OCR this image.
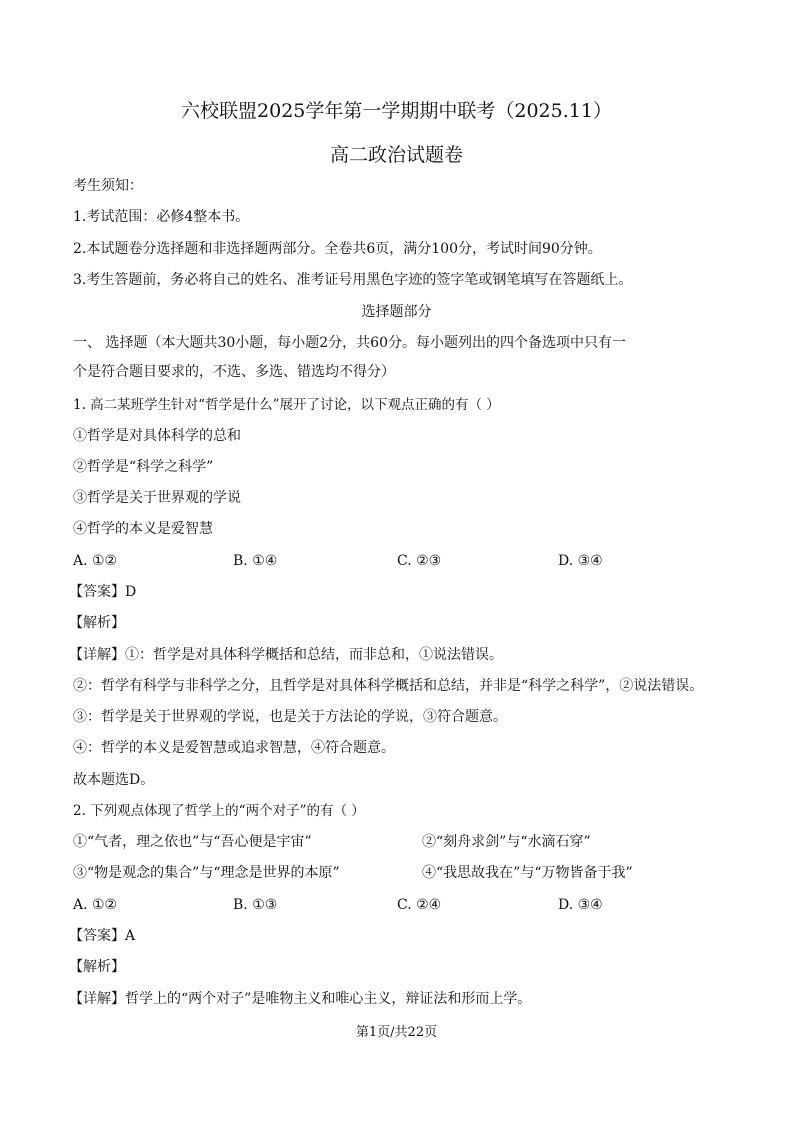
六校联盟2025学年第一学期期中联考（2025.11）
高二政治试题卷
考生须知：
1.考试范围：必修4整本书。
2.本试题卷分选择题和非选择题两部分。全卷共6页，满分100分，考试时间90分钟。
3.考生答题前，务必将自己的姓名、准考证号用黑色字迹的签字笔或钢笔填写在答题纸上。
选择题部分
一、 选择题（本大题共30小题，每小题2分，共60分。每小题列出的四个备选项中只有一
个是符合题目要求的，不选、多选、错选均不得分）
1. 高二某班学生针对“哲学是什么”展开了讨论，以下观点正确的有（ ）
①哲学是对具体科学的总和
②哲学是“科学之科学”
③哲学是关于世界观的学说
④哲学的本义是爱智慧
A. ①②	B. ①④	C. ②③	D. ③④
【答案】D
【解析】
【详解】①：哲学是对具体科学概括和总结，而非总和，①说法错误。
②：哲学有科学与非科学之分，且哲学是对具体科学概括和总结，并非是“科学之科学”，②说法错误。
③：哲学是关于世界观的学说，也是关于方法论的学说，③符合题意。
④：哲学的本义是爱智慧或追求智慧，④符合题意。
故本题选D。
2. 下列观点体现了哲学上的“两个对子”的有（ ）
①“气者，理之依也”与“吾心便是宇宙”	②“刻舟求剑”与“水滴石穿”
③“物是观念的集合”与“理念是世界的本原”	④“我思故我在”与“万物皆备于我”
A. ①②	B. ①③	C. ②④	D. ③④
【答案】A
【解析】
【详解】哲学上的“两个对子”是唯物主义和唯心主义，辩证法和形而上学。
第1页/共22页
